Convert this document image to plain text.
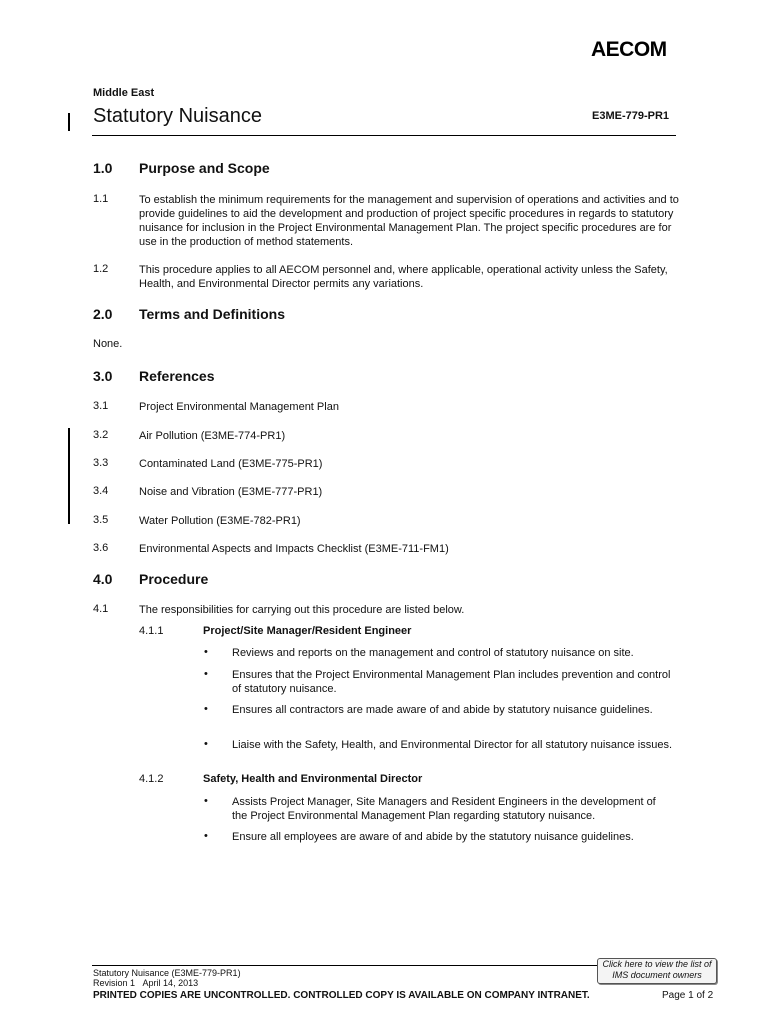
AECOM
Middle East
Statutory Nuisance	E3ME-779-PR1
1.0 Purpose and Scope
1.1	To establish the minimum requirements for the management and supervision of operations and activities and to provide guidelines to aid the development and production of project specific procedures in regards to statutory nuisance for inclusion in the Project Environmental Management Plan. The project specific procedures are for use in the production of method statements.
1.2	This procedure applies to all AECOM personnel and, where applicable, operational activity unless the Safety, Health, and Environmental Director permits any variations.
2.0 Terms and Definitions
None.
3.0 References
3.1	Project Environmental Management Plan
3.2	Air Pollution (E3ME-774-PR1)
3.3	Contaminated Land (E3ME-775-PR1)
3.4	Noise and Vibration (E3ME-777-PR1)
3.5	Water Pollution (E3ME-782-PR1)
3.6	Environmental Aspects and Impacts Checklist (E3ME-711-FM1)
4.0 Procedure
4.1	The responsibilities for carrying out this procedure are listed below.
4.1.1	Project/Site Manager/Resident Engineer
• Reviews and reports on the management and control of statutory nuisance on site.
• Ensures that the Project Environmental Management Plan includes prevention and control of statutory nuisance.
• Ensures all contractors are made aware of and abide by statutory nuisance guidelines.
• Liaise with the Safety, Health, and Environmental Director for all statutory nuisance issues.
4.1.2	Safety, Health and Environmental Director
• Assists Project Manager, Site Managers and Resident Engineers in the development of the Project Environmental Management Plan regarding statutory nuisance.
• Ensure all employees are aware of and abide by the statutory nuisance guidelines.
Click here to view the list of
IMS document owners
Statutory Nuisance (E3ME-779-PR1)
Revision 1 April 14, 2013
PRINTED COPIES ARE UNCONTROLLED. CONTROLLED COPY IS AVAILABLE ON COMPANY INTRANET.	Page 1 of 2
